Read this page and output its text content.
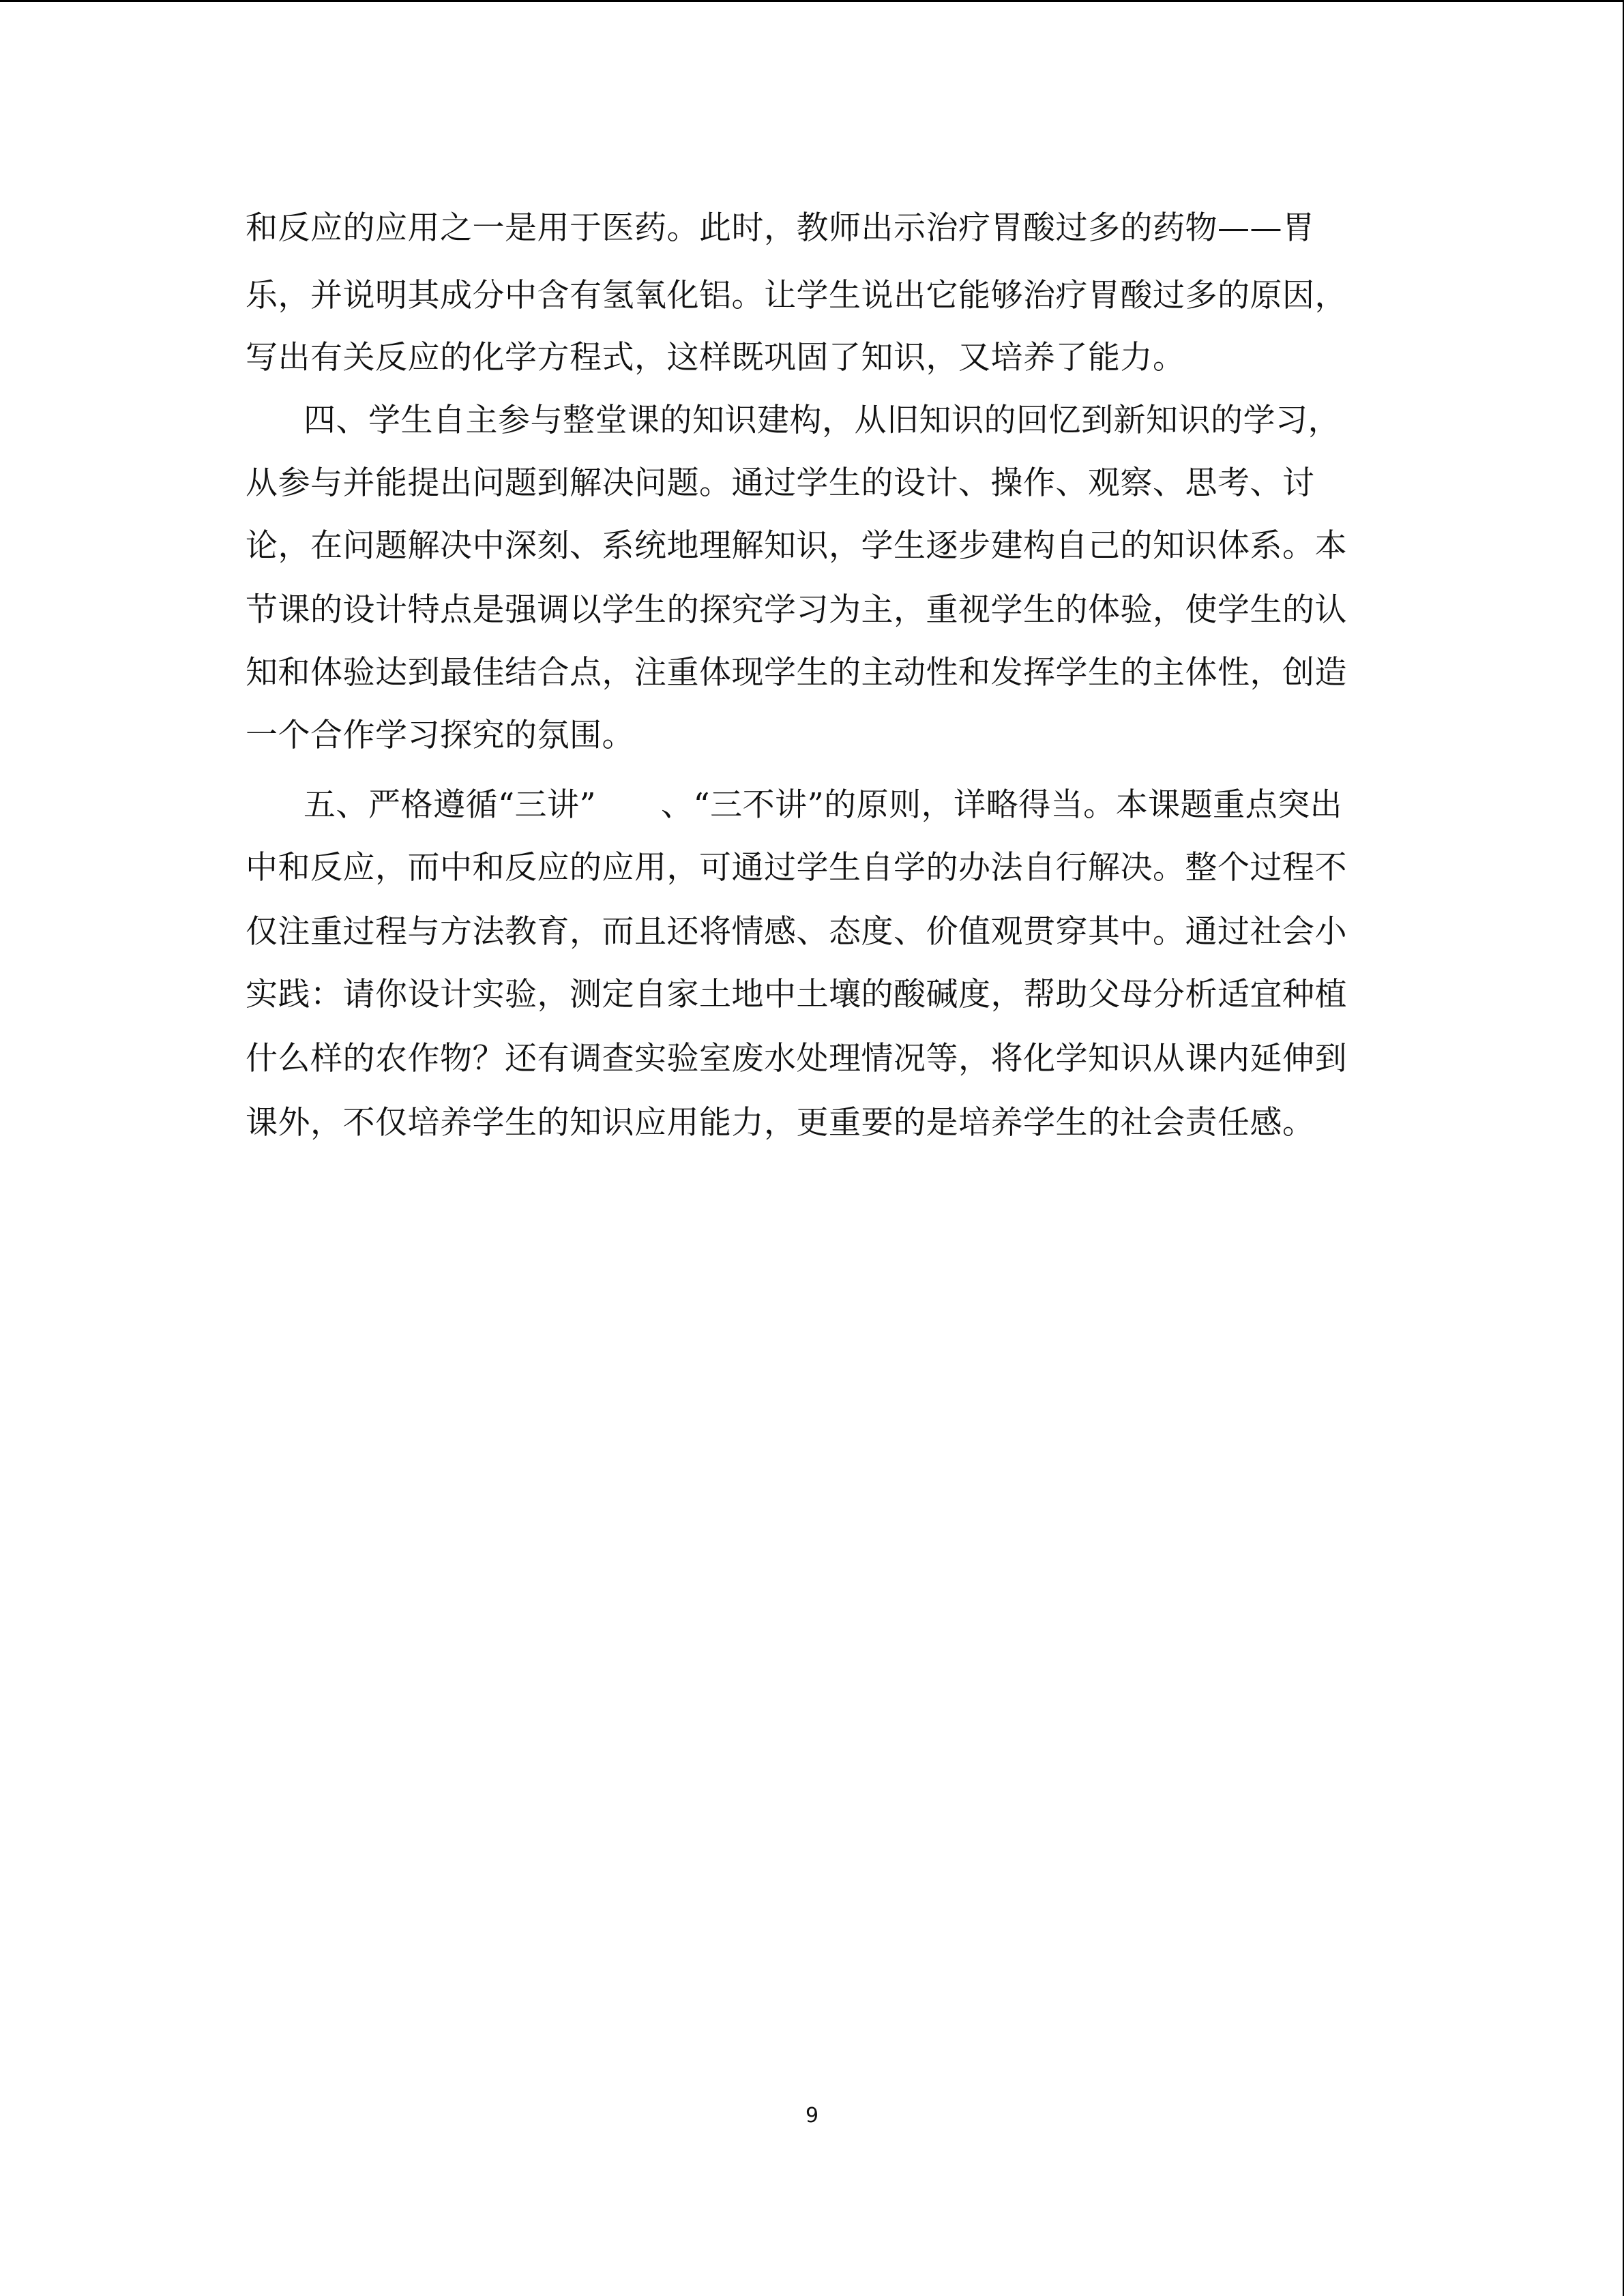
和反应的应用之一是用于医药。此时，教师出示治疗胃酸过多的药物——胃
乐，并说明其成分中含有氢氧化铝。让学生说出它能够治疗胃酸过多的原因，
写出有关反应的化学方程式，这样既巩固了知识，又培养了能力。
四、学生自主参与整堂课的知识建构，从旧知识的回忆到新知识的学习，
从参与并能提出问题到解决问题。通过学生的设计、操作、观察、思考、讨
论，在问题解决中深刻、系统地理解知识，学生逐步建构自己的知识体系。本
节课的设计特点是强调以学生的探究学习为主，重视学生的体验，使学生的认
知和体验达到最佳结合点，注重体现学生的主动性和发挥学生的主体性，创造
一个合作学习探究的氛围。
五、严格遵循“三讲”　　、“三不讲”的原则，详略得当。本课题重点突出
中和反应，而中和反应的应用，可通过学生自学的办法自行解决。整个过程不
仅注重过程与方法教育，而且还将情感、态度、价值观贯穿其中。通过社会小
实践：请你设计实验，测定自家土地中土壤的酸碱度，帮助父母分析适宜种植
什么样的农作物？还有调查实验室废水处理情况等，将化学知识从课内延伸到
课外，不仅培养学生的知识应用能力，更重要的是培养学生的社会责任感。
9
